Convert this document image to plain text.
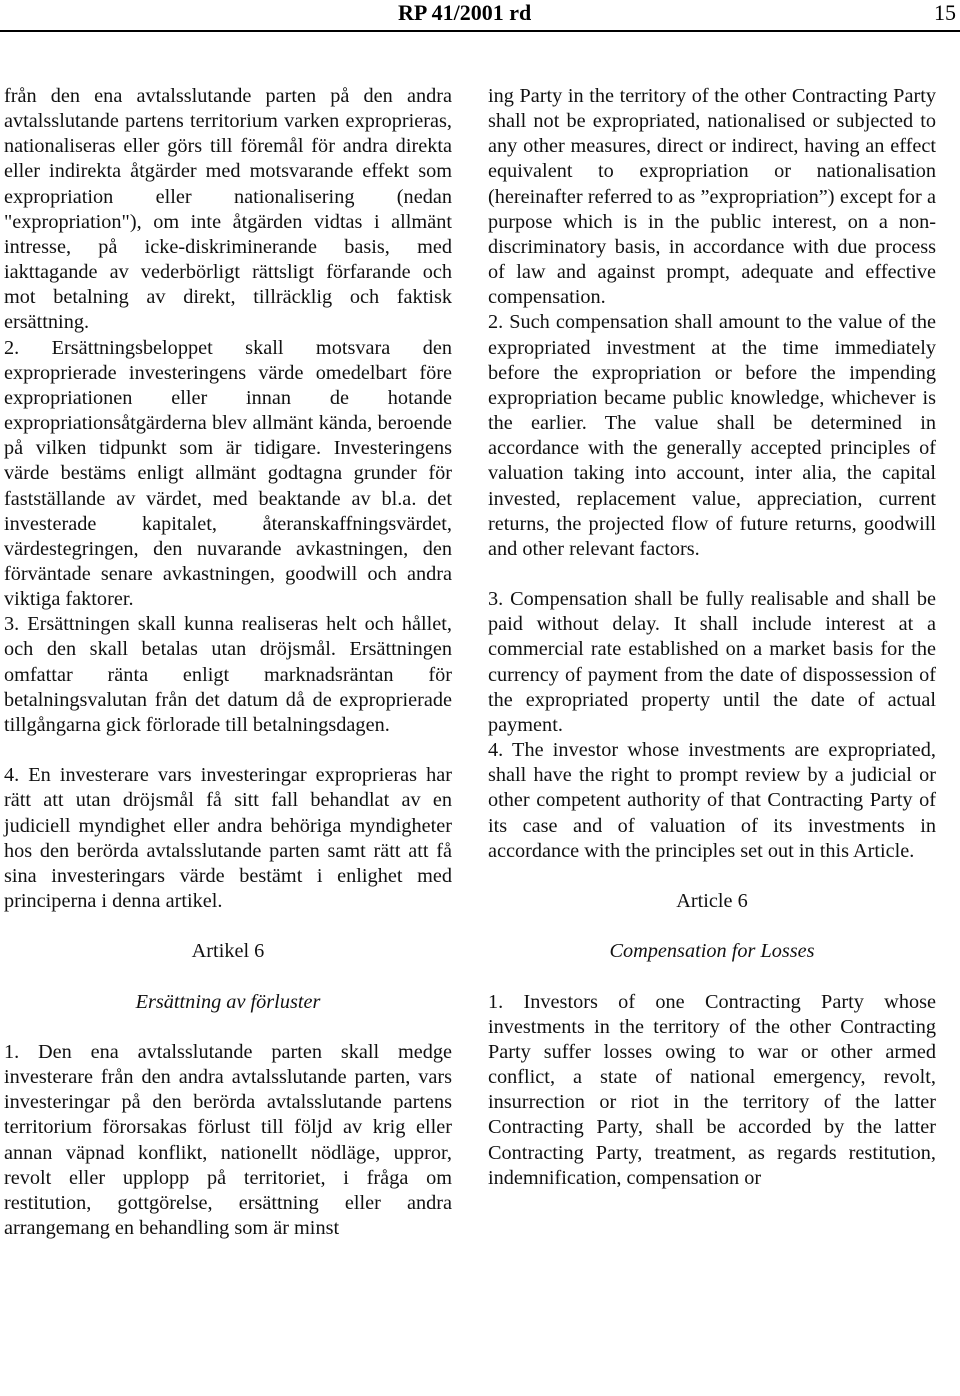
RP 41/2001 rd	15

från den ena avtalsslutande parten på den andra avtalsslutande partens territorium varken exproprieras, nationaliseras eller görs till föremål för andra direkta eller indirekta åtgärder med motsvarande effekt som expropriation eller nationalisering (nedan "expropriation"), om inte åtgärden vidtas i allmänt intresse, på icke-diskriminerande basis, med iakttagande av vederbörligt rättsligt förfarande och mot betalning av direkt, tillräcklig och faktisk ersättning.

2. Ersättningsbeloppet skall motsvara den exproprierade investeringens värde omedelbart före expropriationen eller innan de hotande expropriationsåtgärderna blev allmänt kända, beroende på vilken tidpunkt som är tidigare. Investeringens värde bestäms enligt allmänt godtagna grunder för fastställande av värdet, med beaktande av bl.a. det investerade kapitalet, återanskaffningsvärdet, värdestegringen, den nuvarande avkastningen, den förväntade senare avkastningen, goodwill och andra viktiga faktorer.

3. Ersättningen skall kunna realiseras helt och hållet, och den skall betalas utan dröjsmål. Ersättningen omfattar ränta enligt marknadsräntan för betalningsvalutan från det datum då de exproprierade tillgångarna gick förlorade till betalningsdagen.

4. En investerare vars investeringar exproprieras har rätt att utan dröjsmål få sitt fall behandlat av en judiciell myndighet eller andra behöriga myndigheter hos den berörda avtalsslutande parten samt rätt att få sina investeringars värde bestämt i enlighet med principerna i denna artikel.

Artikel 6

Ersättning av förluster

1. Den ena avtalsslutande parten skall medge investerare från den andra avtalsslutande parten, vars investeringar på den berörda avtalsslutande partens territorium förorsakas förlust till följd av krig eller annan väpnad konflikt, nationellt nödläge, uppror, revolt eller upplopp på territoriet, i fråga om restitution, gottgörelse, ersättning eller andra arrangemang en behandling som är minst

ing Party in the territory of the other Contracting Party shall not be expropriated, nationalised or subjected to any other measures, direct or indirect, having an effect equivalent to expropriation or nationalisation (hereinafter referred to as ”expropriation”) except for a purpose which is in the public interest, on a non-discriminatory basis, in accordance with due process of law and against prompt, adequate and effective compensation.

2. Such compensation shall amount to the value of the expropriated investment at the time immediately before the expropriation or before the impending expropriation became public knowledge, whichever is the earlier. The value shall be determined in accordance with the generally accepted principles of valuation taking into account, inter alia, the capital invested, replacement value, appreciation, current returns, the projected flow of future returns, goodwill and other relevant factors.

3. Compensation shall be fully realisable and shall be paid without delay. It shall include interest at a commercial rate established on a market basis for the currency of payment from the date of dispossession of the expropriated property until the date of actual payment.

4. The investor whose investments are expropriated, shall have the right to prompt review by a judicial or other competent authority of that Contracting Party of its case and of valuation of its investments in accordance with the principles set out in this Article.

Article 6

Compensation for Losses

1. Investors of one Contracting Party whose investments in the territory of the other Contracting Party suffer losses owing to war or other armed conflict, a state of national emergency, revolt, insurrection or riot in the territory of the latter Contracting Party, shall be accorded by the latter Contracting Party, treatment, as regards restitution, indemnification, compensation or
